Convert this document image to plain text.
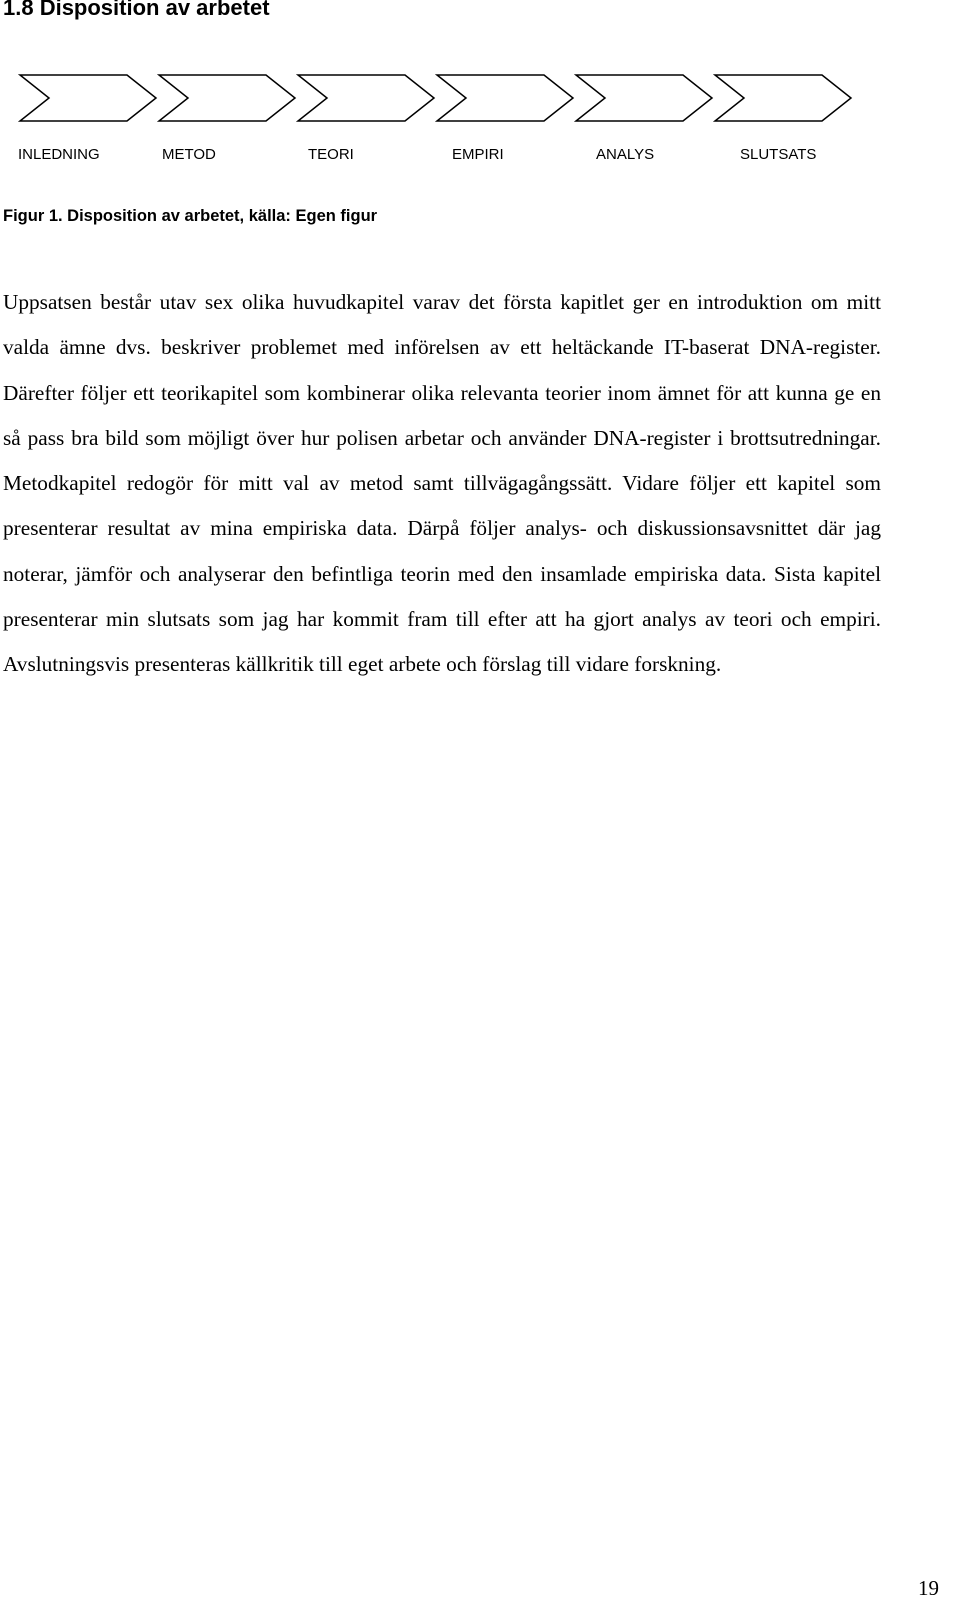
1.8 Disposition av arbetet
INLEDNING	METOD	TEORI	EMPIRI	ANALYS	SLUTSATS

Figur 1. Disposition av arbetet, källa: Egen figur

Uppsatsen består utav sex olika huvudkapitel varav det första kapitlet ger en introduktion om mitt valda ämne dvs. beskriver problemet med införelsen av ett heltäckande IT-baserat DNA-register. Därefter följer ett teorikapitel som kombinerar olika relevanta teorier inom ämnet för att kunna ge en så pass bra bild som möjligt över hur polisen arbetar och använder DNA-register i brottsutredningar. Metodkapitel redogör för mitt val av metod samt tillvägagångssätt. Vidare följer ett kapitel som presenterar resultat av mina empiriska data. Därpå följer analys- och diskussionsavsnittet där jag noterar, jämför och analyserar den befintliga teorin med den insamlade empiriska data. Sista kapitel presenterar min slutsats som jag har kommit fram till efter att ha gjort analys av teori och empiri. Avslutningsvis presenteras källkritik till eget arbete och förslag till vidare forskning.

19
